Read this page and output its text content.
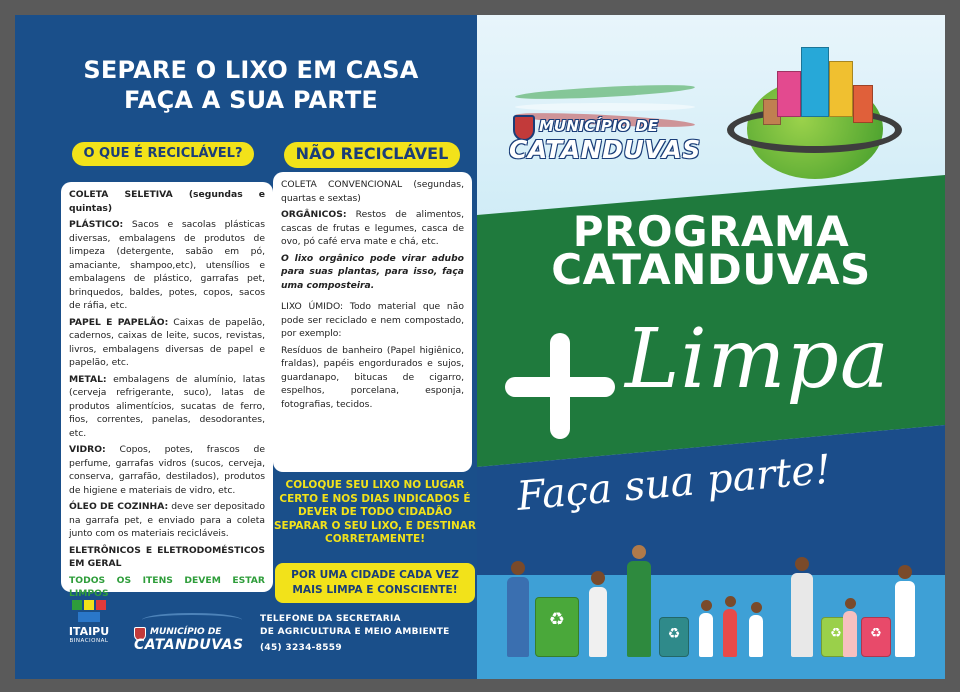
SEPARE O LIXO EM CASA
FAÇA A SUA PARTE
O QUE É RECICLÁVEL?	NÃO RECICLÁVEL

COLETA SELETIVA (segundas e quintas)

PLÁSTICO: Sacos e sacolas plásticas diversas, embalagens de produtos de limpeza (detergente, sabão em pó, amaciante, shampoo,etc), utensílios e embalagens de plástico, garrafas pet, brinquedos, baldes, potes, copos, sacos de ráfia, etc.

PAPEL E PAPELÃO: Caixas de papelão, cadernos, caixas de leite, sucos, revistas, livros, embalagens diversas de papel e papelão, etc.

METAL: embalagens de alumínio, latas (cerveja refrigerante, suco), latas de produtos alimentícios, sucatas de ferro, fios, correntes, panelas, desodorantes, etc.

VIDRO: Copos, potes, frascos de perfume, garrafas vidros (sucos, cerveja, conserva, garrafão, destilados), produtos de higiene e materiais de vidro, etc.

ÓLEO DE COZINHA: deve ser depositado na garrafa pet, e enviado para a coleta junto com os materiais recicláveis.

ELETRÔNICOS E ELETRODOMÉSTICOS EM GERAL

TODOS OS ITENS DEVEM ESTAR LIMPOS

COLETA CONVENCIONAL (segundas, quartas e sextas)

ORGÂNICOS: Restos de alimentos, cascas de frutas e legumes, casca de ovo, pó café erva mate e chá, etc.

O lixo orgânico pode virar adubo para suas plantas, para isso, faça uma composteira.

LIXO ÚMIDO: Todo material que não pode ser reciclado e nem compostado, por exemplo:

Resíduos de banheiro (Papel higiênico, fraldas), papéis engordurados e sujos, guardanapo, bitucas de cigarro, espelhos, porcelana, esponja, fotografias, tecidos.

COLOQUE SEU LIXO NO LUGAR CERTO E NOS DIAS INDICADOS É DEVER DE TODO CIDADÃO SEPARAR O SEU LIXO, E DESTINAR CORRETAMENTE!
POR UMA CIDADE CADA VEZ MAIS LIMPA E CONSCIENTE!
TELEFONE DA SECRETARIA
DE AGRICULTURA E MEIO AMBIENTE
(45) 3234-8559
ITAIPU
BINACIONAL
MUNICÍPIO DE
CATANDUVAS
MUNICÍPIO DE
CATANDUVAS
PROGRAMA
CATANDUVAS
Limpa
Faça sua parte!
♻
♻	♻	♻
